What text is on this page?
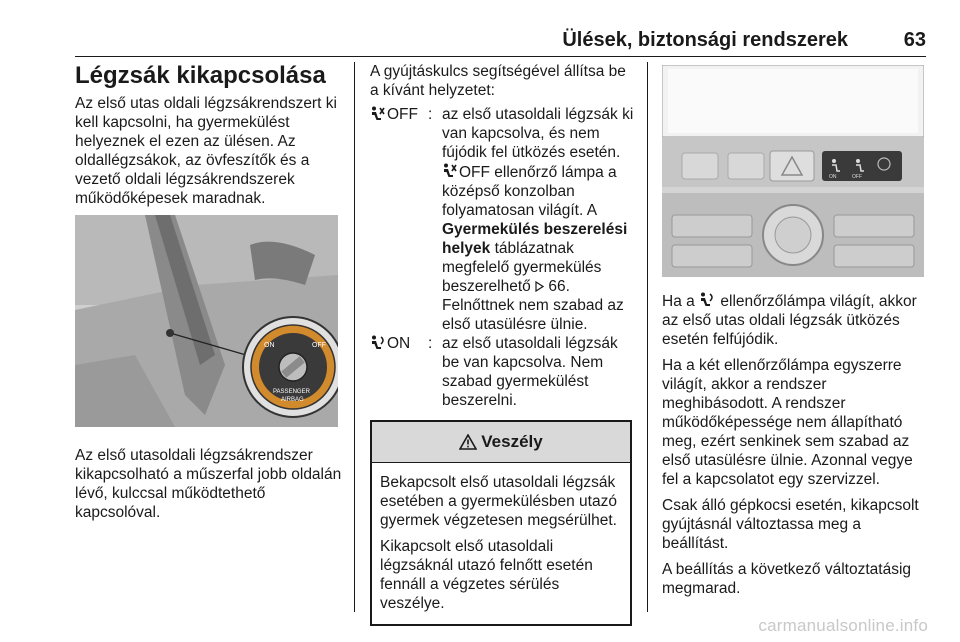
Ülések, biztonsági rendszerek	63
Légzsák kikapcsolása

Az első utas oldali légzsákrendszert ki kell kapcsolni, ha gyermekülést helyeznek el ezen az ülésen. Az oldallégzsákok, az övfeszítők és a vezető oldali légzsákrendszerek működőképesek maradnak.

ON	OFF
PASSENGER
AIRBAG

Az első utasoldali légzsákrendszer kikapcsolható a műszerfal jobb oldalán lévő, kulccsal működtethető kapcsolóval.

A gyújtáskulcs segítségével állítsa be a kívánt helyzetet:

OFF : az első utasoldali légzsák ki
van kapcsolva, és nem
fújódik fel ütközés esetén.
OFF ellenőrző lámpa a
középső konzolban
folyamatosan világít. A
Gyermekülés beszerelési
helyek táblázatnak
megfelelő gyermekülés
beszerelhető 66.
Felnőttnek nem szabad az
első utasülésre ülnie.
ON : az első utasoldali légzsák
be van kapcsolva. Nem
szabad gyermekülést
beszerelni.
Veszély

Bekapcsolt első utasoldali légzsák esetében a gyermekülésben utazó gyermek végzetesen megsérülhet.

Kikapcsolt első utasoldali légzsáknál utazó felnőtt esetén fennáll a végzetes sérülés veszélye.

ON	OFF

Ha a ellenőrzőlámpa világít, akkor az első utas oldali légzsák ütközés esetén felfújódik.

Ha a két ellenőrzőlámpa egyszerre világít, akkor a rendszer meghibásodott. A rendszer működőképessége nem állapítható meg, ezért senkinek sem szabad az első utasülésre ülnie. Azonnal vegye fel a kapcsolatot egy szervizzel.

Csak álló gépkocsi esetén, kikapcsolt gyújtásnál változtassa meg a beállítást.

A beállítás a következő változtatásig megmarad.

carmanualsonline.info
